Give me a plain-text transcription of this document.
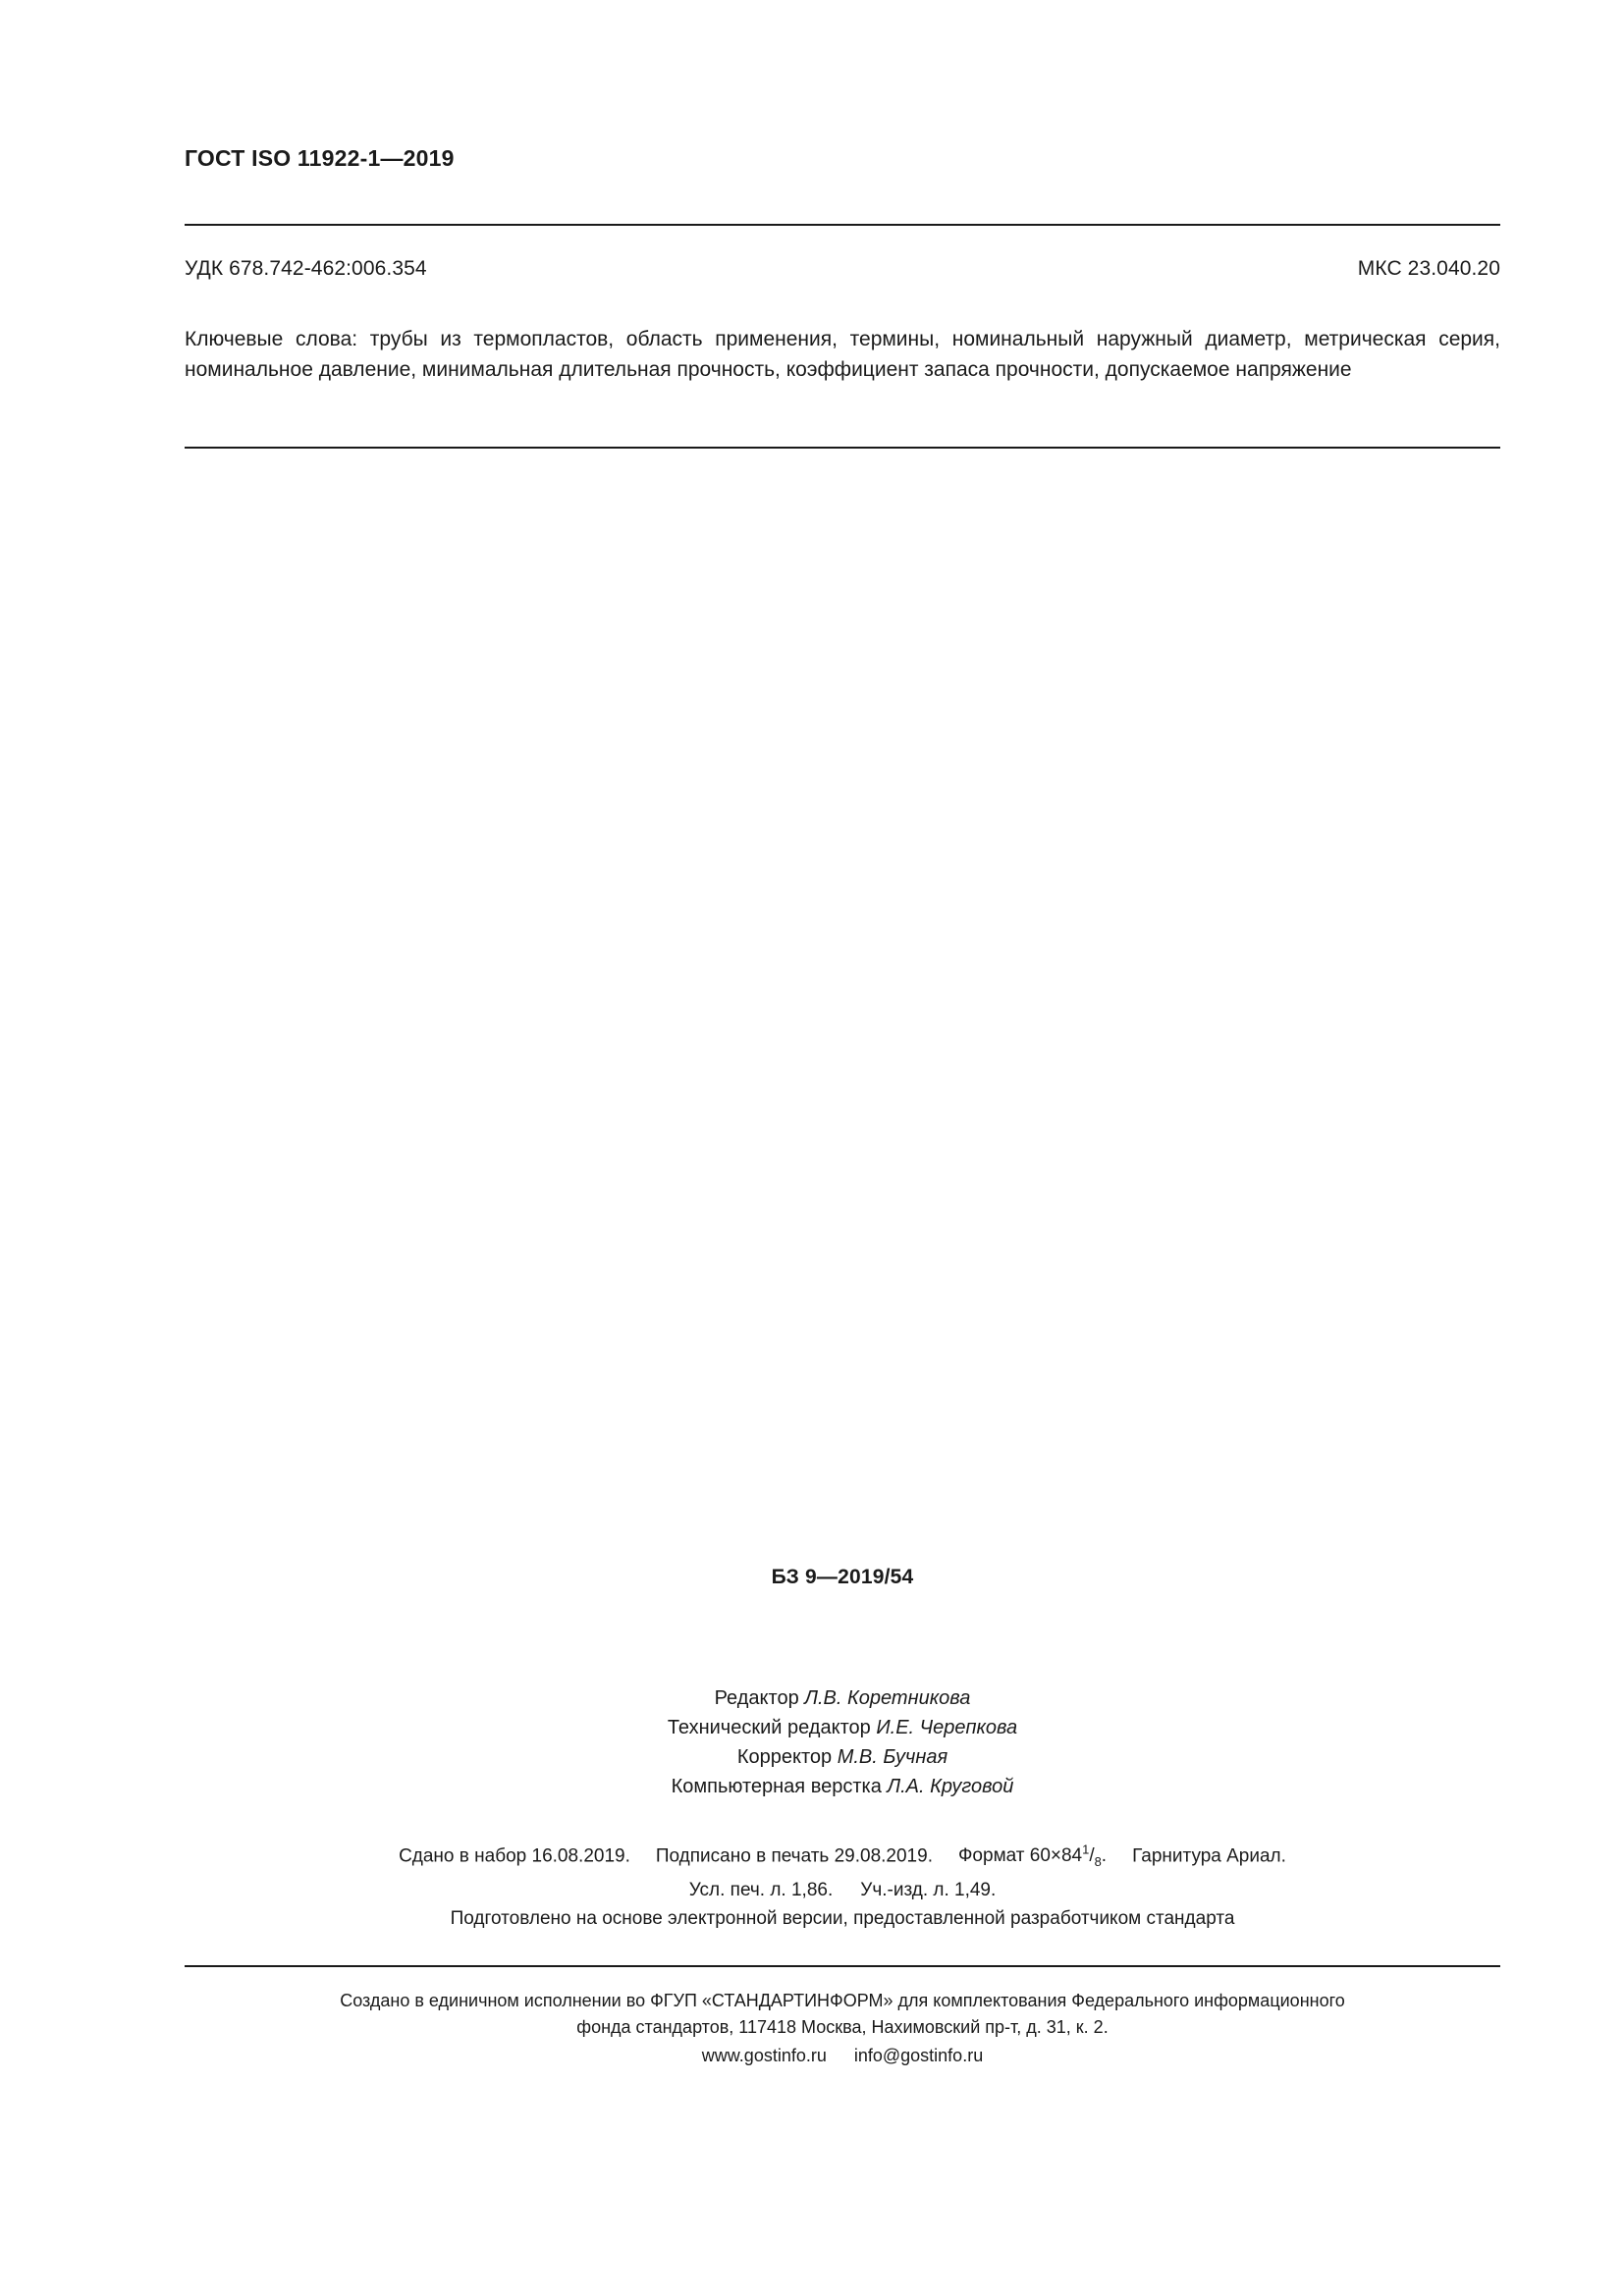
ГОСТ ISO 11922-1—2019
УДК 678.742-462:006.354	МКС 23.040.20
Ключевые слова: трубы из термопластов, область применения, термины, номинальный наружный диаметр, метрическая серия, номинальное давление, минимальная длительная прочность, коэффициент запаса прочности, допускаемое напряжение
БЗ 9—2019/54
Редактор Л.В. Коретникова
Технический редактор И.Е. Черепкова
Корректор М.В. Бучная
Компьютерная верстка Л.А. Круговой
Сдано в набор 16.08.2019. Подписано в печать 29.08.2019. Формат $60\times 84^1/_8$. Гарнитура Ариал.
Усл. печ. л. 1,86. Уч.-изд. л. 1,49.
Подготовлено на основе электронной версии, предоставленной разработчиком стандарта
Создано в единичном исполнении во ФГУП «СТАНДАРТИНФОРМ» для комплектования Федерального информационного
фонда стандартов, 117418 Москва, Нахимовский пр-т, д. 31, к. 2.
www.gostinfo.ru info@gostinfo.ru
